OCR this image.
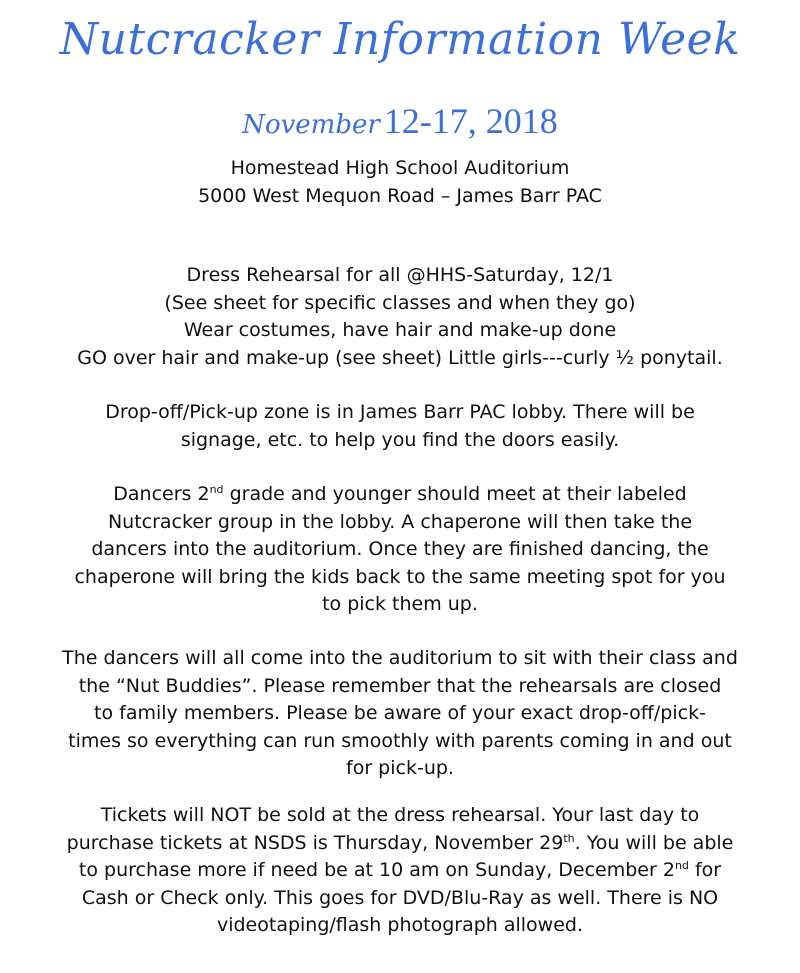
Nutcracker Information Week
November 12-17, 2018
Homestead High School Auditorium
5000 West Mequon Road – James Barr PAC
Dress Rehearsal for all @HHS-Saturday, 12/1
(See sheet for specific classes and when they go)
Wear costumes, have hair and make-up done
GO over hair and make-up (see sheet) Little girls---curly ½ ponytail.
Drop-off/Pick-up zone is in James Barr PAC lobby. There will be
signage, etc. to help you find the doors easily.
Dancers 2nd grade and younger should meet at their labeled
Nutcracker group in the lobby. A chaperone will then take the
dancers into the auditorium. Once they are finished dancing, the
chaperone will bring the kids back to the same meeting spot for you
to pick them up.
The dancers will all come into the auditorium to sit with their class and
the “Nut Buddies”. Please remember that the rehearsals are closed
to family members. Please be aware of your exact drop-off/pick-
times so everything can run smoothly with parents coming in and out
for pick-up.
Tickets will NOT be sold at the dress rehearsal. Your last day to
purchase tickets at NSDS is Thursday, November 29th. You will be able
to purchase more if need be at 10 am on Sunday, December 2nd for
Cash or Check only. This goes for DVD/Blu-Ray as well. There is NO
videotaping/flash photograph allowed.
